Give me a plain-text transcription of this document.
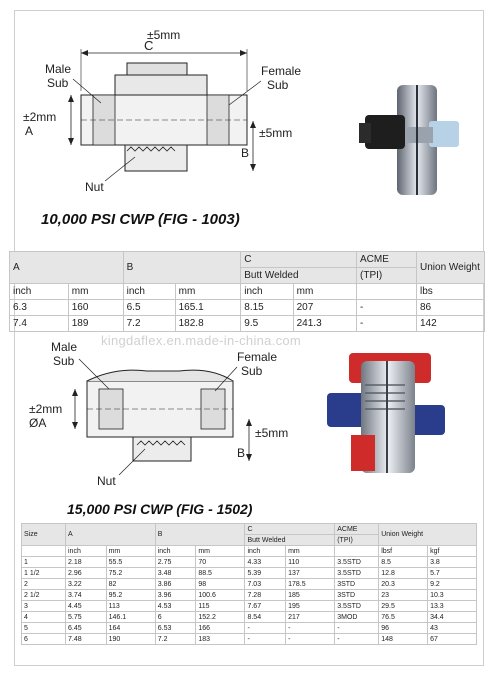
±5mm
C
Male
Sub
Female
Sub
±2mm
A	±5mm
B
Nut
10,000 PSI CWP (FIG - 1003)
A		B		C		ACME	Union Weight
				Butt Welded		(TPI)	
inch	mm	inch	mm	inch	mm		lbs
6.3	160	6.5	165.1	8.15	207	-	86
7.4	189	7.2	182.8	9.5	241.3	-	142
kingdaflex.en.made-in-china.com
Male
Sub	Female
Sub
±2mm
ØA
±5mm
B
Nut
15,000 PSI CWP (FIG - 1502)
Size	A		B		C		ACME	Union Weight	
					Butt Welded		(TPI)		
	inch	mm	inch	mm	inch	mm		lbsf	kgf
1	2.18	55.5	2.75	70	4.33	110	3.5STD	8.5	3.8
1 1/2	2.96	75.2	3.48	88.5	5.39	137	3.5STD	12.8	5.7
2	3.22	82	3.86	98	7.03	178.5	3STD	20.3	9.2
2 1/2	3.74	95.2	3.96	100.6	7.28	185	3STD	23	10.3
3	4.45	113	4.53	115	7.67	195	3.5STD	29.5	13.3
4	5.75	146.1	6	152.2	8.54	217	3MOD	76.5	34.4
5	6.45	164	6.53	166	-	-	-	96	43
6	7.48	190	7.2	183	-	-	-	148	67
